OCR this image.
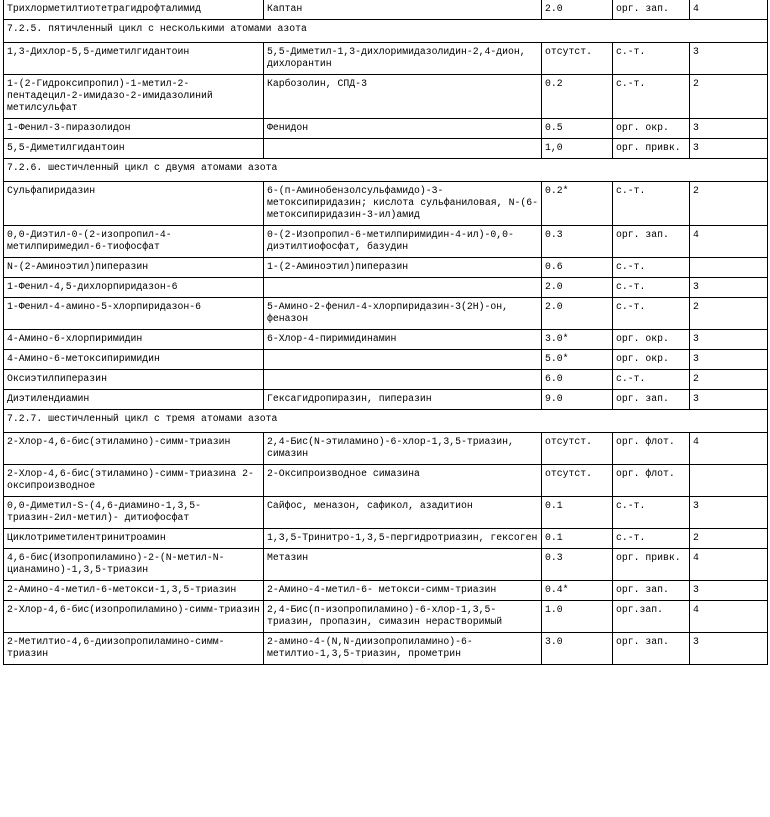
Трихлорметилтиотетрагидрофталимид	Каптан	2.0	орг. зап.	4
7.2.5. пятичленный цикл с несколькими атомами азота				
1,3-Дихлор-5,5-диметилгидантоин	5,5-Диметил-1,3-дихлоримидазолидин-2,4-дион, дихлорантин	отсутст.	с.-т.	3
1-(2-Гидроксипропил)-1-метил-2-пентадецил-2-имидазо-2-имидазолиний метилсульфат	Карбозолин, СПД-3	0.2	с.-т.	2
1-Фенил-3-пиразолидон	Фенидон	0.5	орг. окр.	3
5,5-Диметилгидантоин		1,0	орг. привк.	3
7.2.6. шестичленный цикл с двумя атомами азота				
Сульфапиридазин	6-(п-Аминобензолсульфамидо)-3-метоксипиридазин; кислота сульфаниловая, N-(6-метоксипиридазин-3-ил)амид	0.2*	с.-т.	2
0,0-Диэтил-0-(2-изопропил-4-метилпиримедил-6-тиофосфат	0-(2-Изопропил-6-метилпиримидин-4-ил)-0,0-диэтилтиофосфат, базудин	0.3	орг. зап.	4
N-(2-Аминоэтил)пиперазин	1-(2-Аминоэтил)пиперазин	0.6	с.-т.	
1-Фенил-4,5-дихлорпиридазон-6		2.0	с.-т.	3
1-Фенил-4-амино-5-хлорпиридазон-6	5-Амино-2-фенил-4-хлорпиридазин-3(2Н)-он, феназон	2.0	с.-т.	2
4-Амино-6-хлорпиримидин	6-Хлор-4-пиримидинамин	3.0*	орг. окр.	3
4-Амино-6-метоксипиримидин		5.0*	орг. окр.	3
Оксиэтилпиперазин		6.0	с.-т.	2
Диэтилендиамин	Гексагидропиразин, пиперазин	9.0	орг. зап.	3
7.2.7. шестичленный цикл с тремя атомами азота				
2-Хлор-4,6-бис(этиламино)-симм-триазин	2,4-Бис(N-этиламино)-6-хлор-1,3,5-триазин, симазин	отсутст.	орг. флот.	4
2-Хлор-4,6-бис(этиламино)-симм-триазина 2-оксипроизводное	2-Оксипроизводное симазина	отсутст.	орг. флот.	
0,0-Диметил-S-(4,6-диамино-1,3,5-триазин-2ил-метил)- дитиофосфат	Сайфос, меназон, сафикол, азадитион	0.1	с.-т.	3
Циклотриметилентринитроамин	1,3,5-Тринитро-1,3,5-пергидротриазин, гексоген	0.1	с.-т.	2
4,6-бис(Изопропиламино)-2-(N-метил-N-цианамино)-1,3,5-триазин	Метазин	0.3	орг. привк.	4
2-Амино-4-метил-6-метокси-1,3,5-триазин	2-Амино-4-метил-6- метокси-симм-триазин	0.4*	орг. зап.	3
2-Хлор-4,6-бис(изопропиламино)-симм-триазин	2,4-Бис(п-изопропиламино)-6-хлор-1,3,5-триазин, пропазин, симазин нерастворимый	1.0	орг.зап.	4
2-Метилтио-4,6-диизопропиламино-симм-триазин	2-амино-4-(N,N-диизопропиламино)-6-метилтио-1,3,5-триазин, прометрин	3.0	орг. зап.	3
